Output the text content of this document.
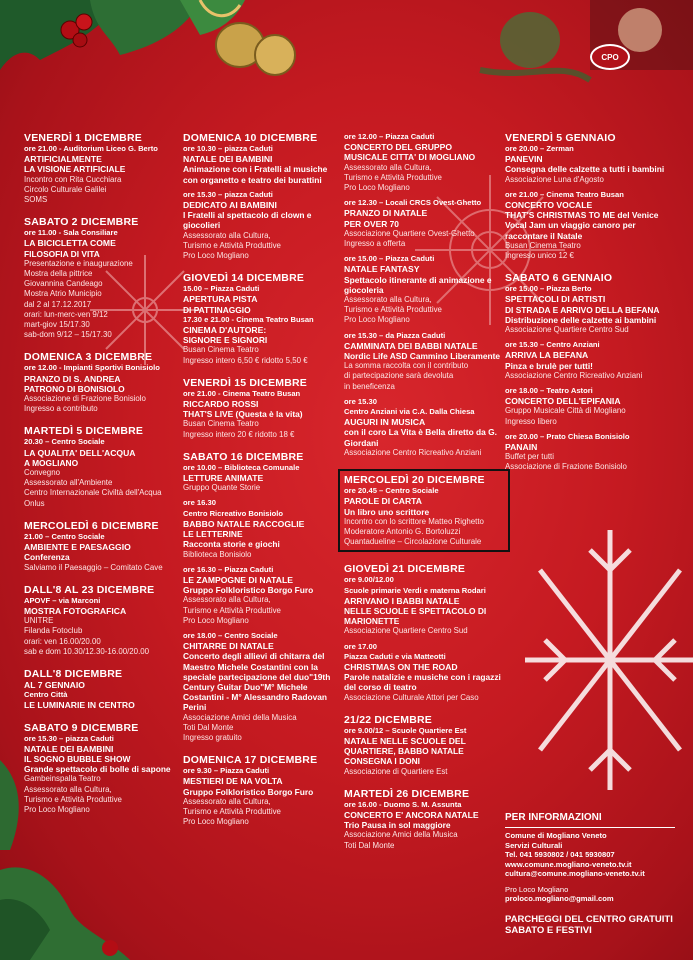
CPO
VENERDÌ 1 DICEMBRE
ore 21.00 - Auditorium Liceo G. Berto
ARTIFICIALMENTE
LA VISIONE ARTIFICIALE
Incontro con Rita Cucchiara
Circolo Culturale Galilei
SOMS
SABATO 2 DICEMBRE
ore 11.00 - Sala Consiliare
LA BICICLETTA COME
FILOSOFIA DI VITA
Presentazione e inaugurazione
Mostra della pittrice
Giovannina Candeago
Mostra Atrio Municipio
dal 2 al 17.12.2017
orari: lun-merc-ven 9/12
mart-giov 15/17.30
sab-dom 9/12 – 15/17.30
DOMENICA 3 DICEMBRE
ore 12.00 - Impianti Sportivi Bonisiolo
PRANZO DI S. ANDREA
PATRONO DI BONISIOLO
Associazione di Frazione Bonisiolo
Ingresso a contributo
MARTEDÌ 5 DICEMBRE
20.30 – Centro Sociale
LA QUALITA' DELL'ACQUA
A MOGLIANO
Convegno
Assessorato all'Ambiente
Centro Internazionale Civiltà dell'Acqua
Onlus
MERCOLEDÌ 6 DICEMBRE
21.00 – Centro Sociale
AMBIENTE E PAESAGGIO
Conferenza
Salviamo il Paesaggio – Comitato Cave
DALL'8 AL 23 DICEMBRE
APOVF – via Marconi
MOSTRA FOTOGRAFICA
UNITRE
Filanda Fotoclub
orari: ven 16.00/20.00
sab e dom 10.30/12.30-16.00/20.00
DALL'8 DICEMBRE
AL 7 GENNAIO
Centro Città
LE LUMINARIE IN CENTRO
SABATO 9 DICEMBRE
ore 15.30 – piazza Caduti
NATALE DEI BAMBINI
IL SOGNO BUBBLE SHOW
Grande spettacolo di bolle di sapone
Gambeinspalla Teatro
Assessorato alla Cultura,
Turismo e Attività Produttive
Pro Loco Mogliano
DOMENICA 10 DICEMBRE
ore 10.30 – piazza Caduti
NATALE DEI BAMBINI
Animazione con i Fratelli al musiche con organetto e teatro dei burattini
ore 15.30 – piazza Caduti
DEDICATO AI BAMBINI
I Fratelli al spettacolo di clown e giocolieri
Assessorato alla Cultura,
Turismo e Attività Produttive
Pro Loco Mogliano
GIOVEDÌ 14 DICEMBRE
15.00 – Piazza Caduti
APERTURA PISTA
DI PATTINAGGIO
17.30 e 21.00 - Cinema Teatro Busan
CINEMA D'AUTORE:
SIGNORE E SIGNORI
Busan Cinema Teatro
Ingresso intero 6,50 € ridotto 5,50 €
VENERDÌ 15 DICEMBRE
ore 21.00 - Cinema Teatro Busan
RICCARDO ROSSI
THAT'S LIVE (Questa è la vita)
Busan Cinema Teatro
Ingresso intero 20 € ridotto 18 €
SABATO 16 DICEMBRE
ore 10.00 – Biblioteca Comunale
LETTURE ANIMATE
Gruppo Quante Storie
ore 16.30
Centro Ricreativo Bonisiolo
BABBO NATALE RACCOGLIE
LE LETTERINE
Racconta storie e giochi
Biblioteca Bonisiolo
ore 16.30 – Piazza Caduti
LE ZAMPOGNE DI NATALE
Gruppo Folkloristico Borgo Furo
Assessorato alla Cultura,
Turismo e Attività Produttive
Pro Loco Mogliano
ore 18.00 – Centro Sociale
CHITARRE DI NATALE
Concerto degli allievi di chitarra del Maestro Michele Costantini con la speciale partecipazione del duo"19th Century Guitar Duo"M° Michele Costantini - M° Alessandro Radovan Perini
Associazione Amici della Musica
Toti Dal Monte
Ingresso gratuito
DOMENICA 17 DICEMBRE
ore 9.30 – Piazza Caduti
MESTIERI DE NA VOLTA
Gruppo Folkloristico Borgo Furo
Assessorato alla Cultura,
Turismo e Attività Produttive
Pro Loco Mogliano
ore 12.00 – Piazza Caduti
CONCERTO DEL GRUPPO
MUSICALE CITTA' DI MOGLIANO
Assessorato alla Cultura,
Turismo e Attività Produttive
Pro Loco Mogliano
ore 12.30 – Locali CRCS Ovest-Ghetto
PRANZO DI NATALE
PER OVER 70
Associazione Quartiere Ovest-Ghetto
Ingresso a offerta
ore 15.00 – Piazza Caduti
NATALE FANTASY
Spettacolo itinerante di animazione e giocoleria
Assessorato alla Cultura,
Turismo e Attività Produttive
Pro Loco Mogliano
ore 15.30 – da Piazza Caduti
CAMMINATA DEI BABBI NATALE
Nordic Life ASD Cammino Liberamente
La somma raccolta con il contributo
di partecipazione sarà devoluta
in beneficenza
ore 15.30
Centro Anziani via C.A. Dalla Chiesa
AUGURI IN MUSICA
con il coro La Vita è Bella diretto da G. Giordani
Associazione Centro Ricreativo Anziani
MERCOLEDÌ 20 DICEMBRE
ore 20.45 – Centro Sociale
PAROLE DI CARTA
Un libro uno scrittore
Incontro con lo scrittore Matteo Righetto
Moderatore Antonio G. Bortoluzzi
Quantadueline – Circolazione Culturale
GIOVEDÌ 21 DICEMBRE
ore 9.00/12.00
Scuole primarie Verdi e materna Rodari
ARRIVANO I BABBI NATALE
NELLE SCUOLE E SPETTACOLO DI MARIONETTE
Associazione Quartiere Centro Sud
ore 17.00
Piazza Caduti e via Matteotti
CHRISTMAS ON THE ROAD
Parole natalizie e musiche con i ragazzi del corso di teatro
Associazione Culturale Attori per Caso
21/22 DICEMBRE
ore 9.00/12 – Scuole Quartiere Est
NATALE NELLE SCUOLE DEL
QUARTIERE, BABBO NATALE CONSEGNA I DONI
Associazione di Quartiere Est
MARTEDÌ 26 DICEMBRE
ore 16.00 - Duomo S. M. Assunta
CONCERTO E' ANCORA NATALE
Trio Pausa in sol maggiore
Associazione Amici della Musica
Toti Dal Monte
VENERDÌ 5 GENNAIO
ore 20.00 – Zerman
PANEVIN
Consegna delle calzette a tutti i bambini
Associazione Luna d'Agosto
ore 21.00 – Cinema Teatro Busan
CONCERTO VOCALE
THAT'S CHRISTMAS TO ME del Venice Vocal Jam un viaggio canoro per raccontare il Natale
Busan Cinema Teatro
Ingresso unico 12 €
SABATO 6 GENNAIO
ore 15.00 – Piazza Berto
SPETTACOLI DI ARTISTI
DI STRADA E ARRIVO DELLA BEFANA
Distribuzione delle calzette ai bambini
Associazione Quartiere Centro Sud
ore 15.30 – Centro Anziani
ARRIVA LA BEFANA
Pinza e brulè per tutti!
Associazione Centro Ricreativo Anziani
ore 18.00 – Teatro Astori
CONCERTO DELL'EPIFANIA
Gruppo Musicale Città di Mogliano
Ingresso libero
ore 20.00 – Prato Chiesa Bonisiolo
PANAIN
Buffet per tutti
Associazione di Frazione Bonisiolo
PER INFORMAZIONI
Comune di Mogliano Veneto
Servizi Culturali
Tel. 041 5930802 / 041 5930807
www.comune.mogliano-veneto.tv.it
cultura@comune.mogliano-veneto.tv.it
Pro Loco Mogliano
proloco.mogliano@gmail.com
PARCHEGGI DEL CENTRO GRATUITI SABATO E FESTIVI
